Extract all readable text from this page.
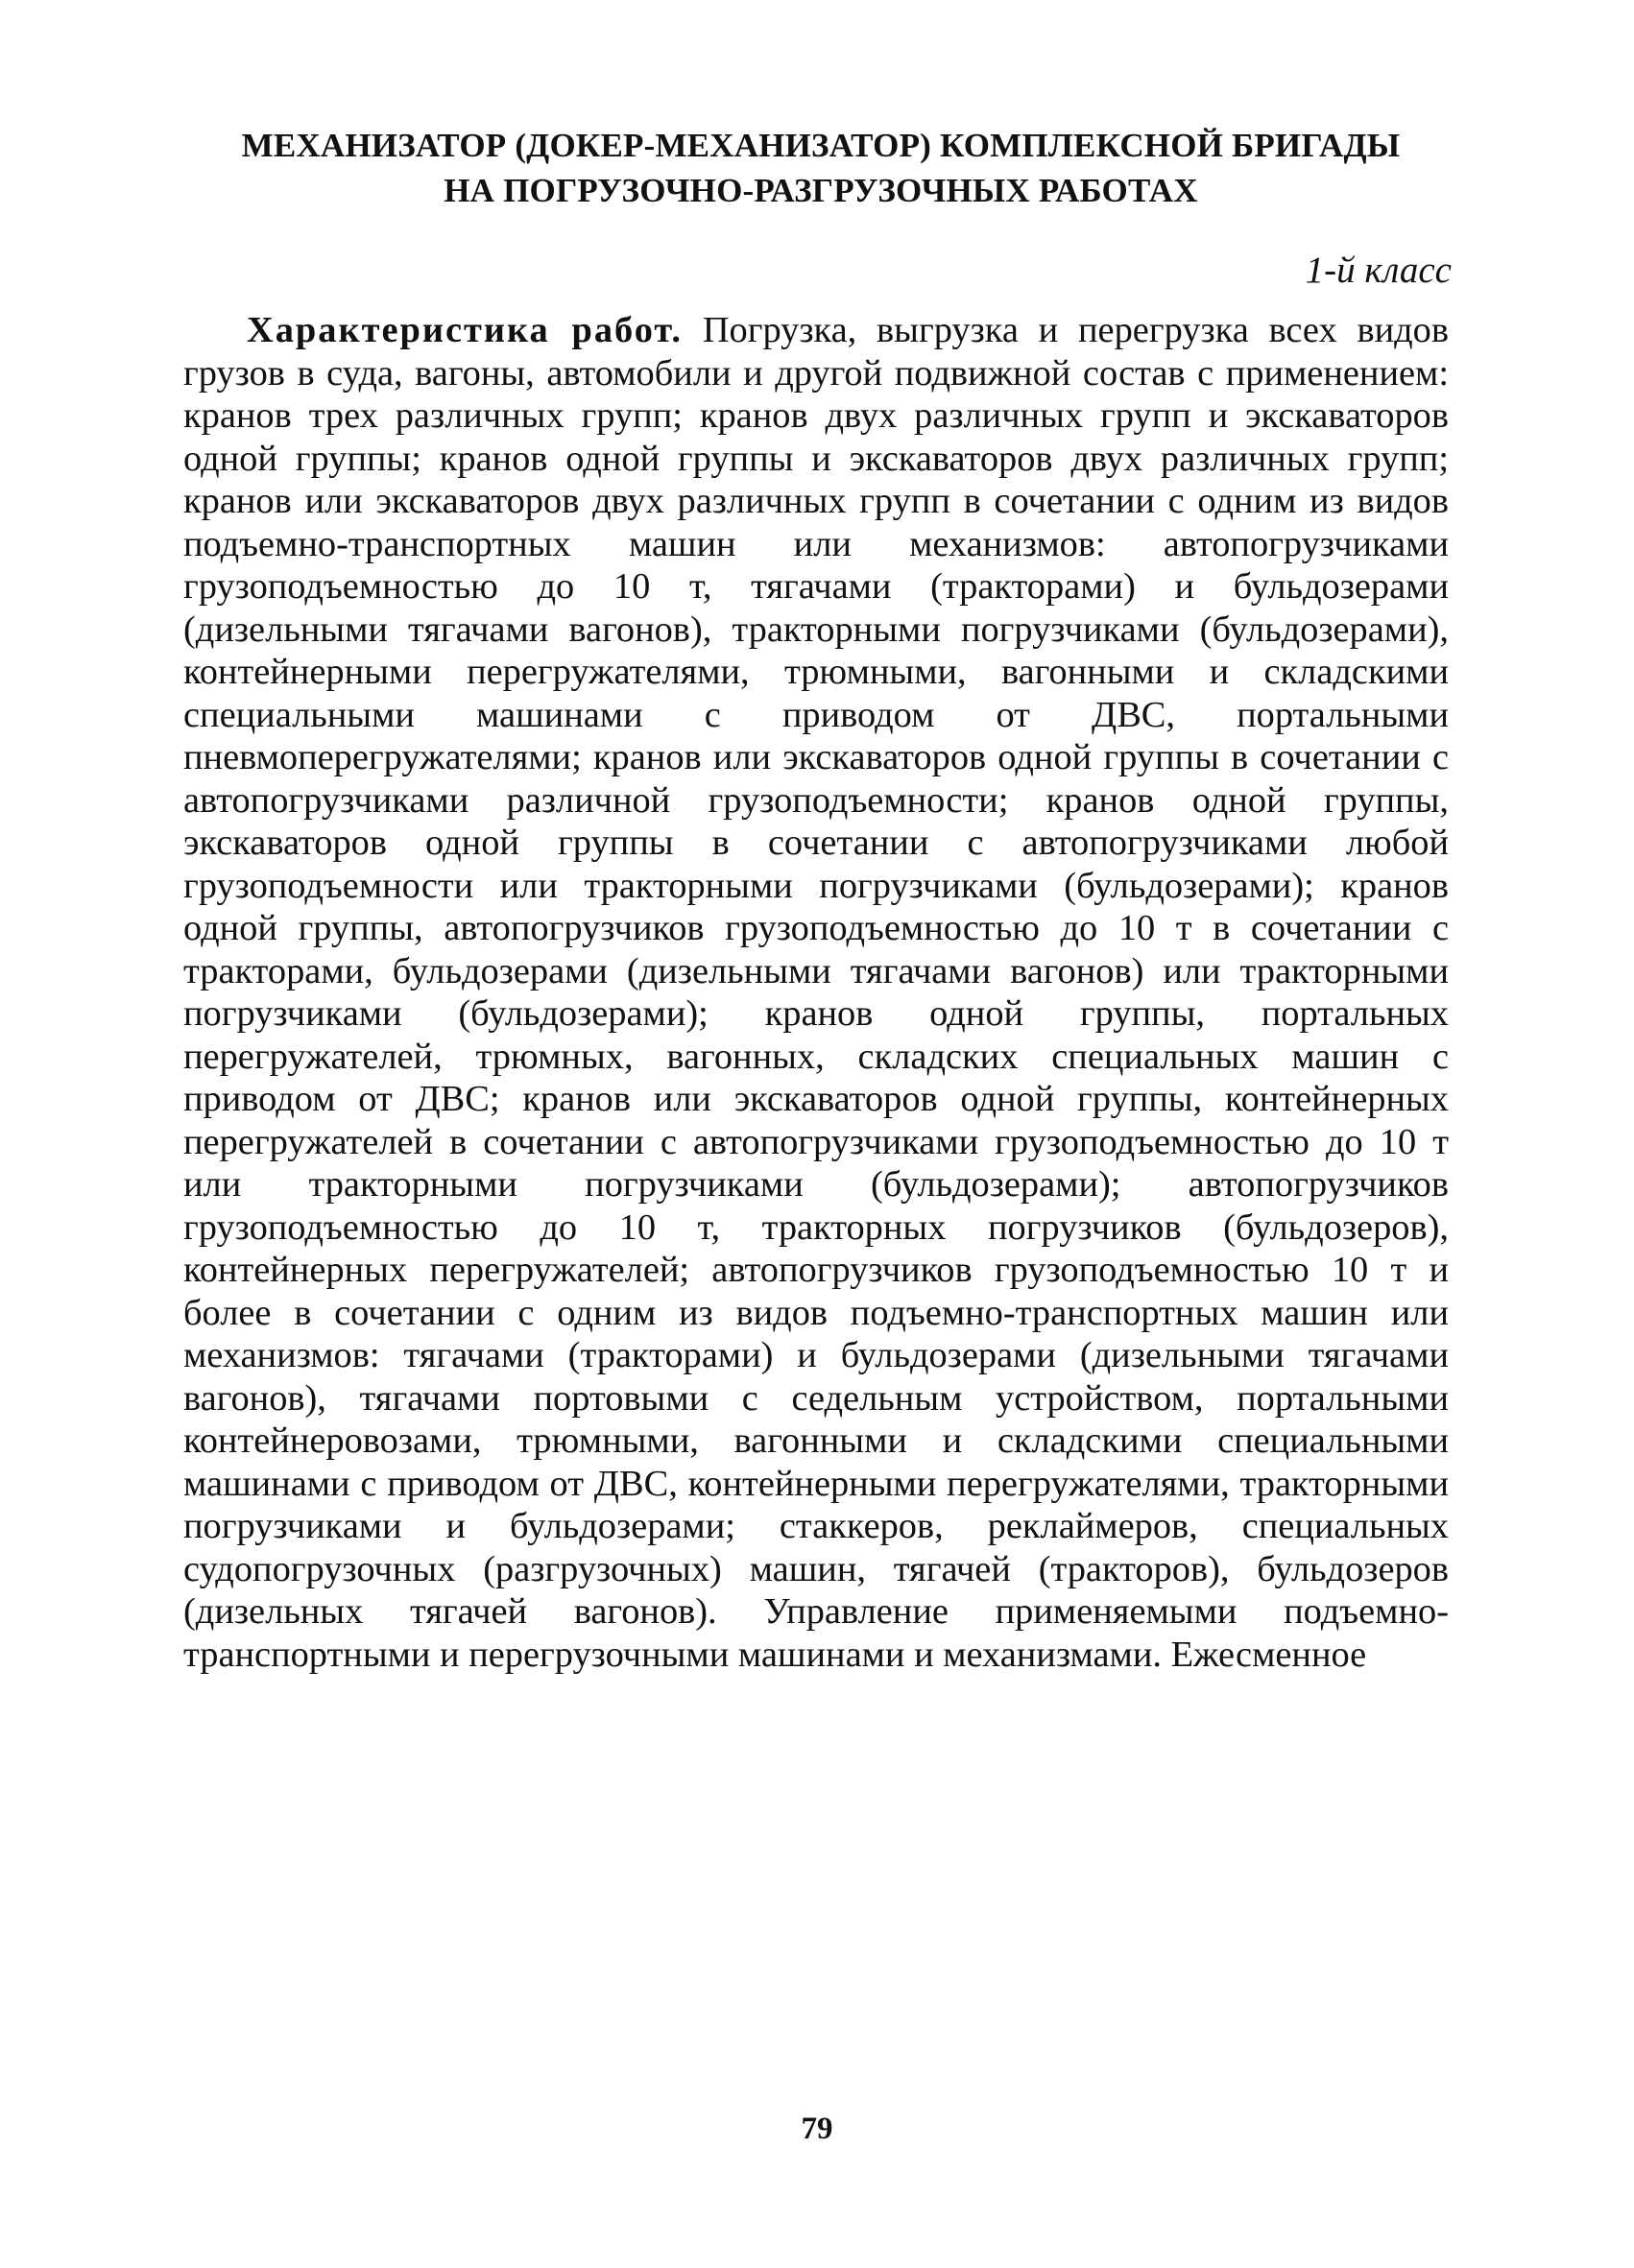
МЕХАНИЗАТОР (ДОКЕР-МЕХАНИЗАТОР) КОМПЛЕКСНОЙ БРИГАДЫ
НА ПОГРУЗОЧНО-РАЗГРУЗОЧНЫХ РАБОТАХ

1-й класс

Характеристика работ. Погрузка, выгрузка и перегрузка всех видов грузов в суда, вагоны, автомобили и другой подвижной состав с применением: кранов трех различных групп; кранов двух различных групп и экскаваторов одной группы; кранов одной группы и экскаваторов двух различных групп; кранов или экскаваторов двух различных групп в сочетании с одним из видов подъемно-транспортных машин или механизмов: автопогрузчиками грузоподъемностью до 10 т, тягачами (тракторами) и бульдозерами (дизельными тягачами вагонов), тракторными погрузчиками (бульдозерами), контейнерными перегружателями, трюмными, вагонными и складскими специальными машинами с приводом от ДВС, портальными пневмоперегружателями; кранов или экскаваторов одной группы в сочетании с автопогрузчиками различной грузоподъемности; кранов одной группы, экскаваторов одной группы в сочетании с автопогрузчиками любой грузоподъемности или тракторными погрузчиками (бульдозерами); кранов одной группы, автопогрузчиков грузоподъемностью до 10 т в сочетании с тракторaми, бульдозерами (дизельными тягачами вагонов) или тракторными погрузчиками (бульдозерами); кранов одной группы, портальных перегружателей, трюмных, вагонных, складских специальных машин с приводом от ДВС; кранов или экскаваторов одной группы, контейнерных перегружателей в сочетании с автопогрузчиками грузоподъемностью до 10 т или тракторными погрузчиками (бульдозерами); автопогрузчиков грузоподъемностью до 10 т, тракторных погрузчиков (бульдозеров), контейнерных перегружателей; автопогрузчиков грузоподъемностью 10 т и более в сочетании с одним из видов подъемно-транспортных машин или механизмов: тягачами (тракторами) и бульдозерами (дизельными тягачами вагонов), тягачами портовыми с седельным устройством, портальными контейнеровозами, трюмными, вагонными и складскими специальными машинами с приводом от ДВС, контейнерными перегружателями, тракторными погрузчиками и бульдозерами; стаккеров, реклаймеров, специальных судопогрузочных (разгрузочных) машин, тягачей (тракторов), бульдозеров (дизельных тягачей вагонов). Управление применяемыми подъемно-транспортными и перегрузочными машинами и механизмами. Ежесменное

79
